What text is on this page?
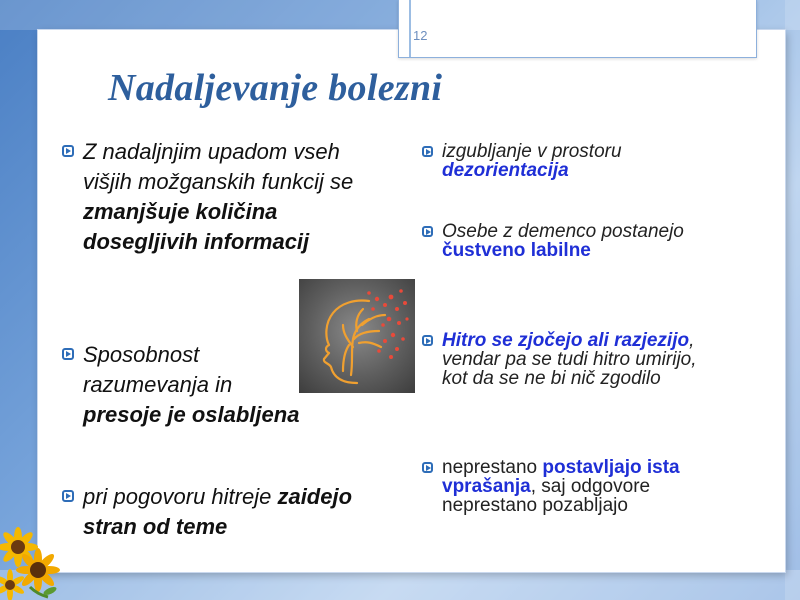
12
Nadaljevanje bolezni
Z nadaljnjim upadom vseh višjih možganskih funkcij se zmanjšuje količina dosegljivih informacij
Sposobnost razumevanja in presoje je oslabljena
pri pogovoru hitreje zaidejo stran od teme
izgubljanje v prostoru dezorientacija
Osebe z demenco postanejo čustveno labilne
Hitro se zjočejo ali razjezijo, vendar pa se tudi hitro umirijo, kot da se ne bi nič zgodilo
neprestano postavljajo ista vprašanja, saj odgovore neprestano pozabljajo
